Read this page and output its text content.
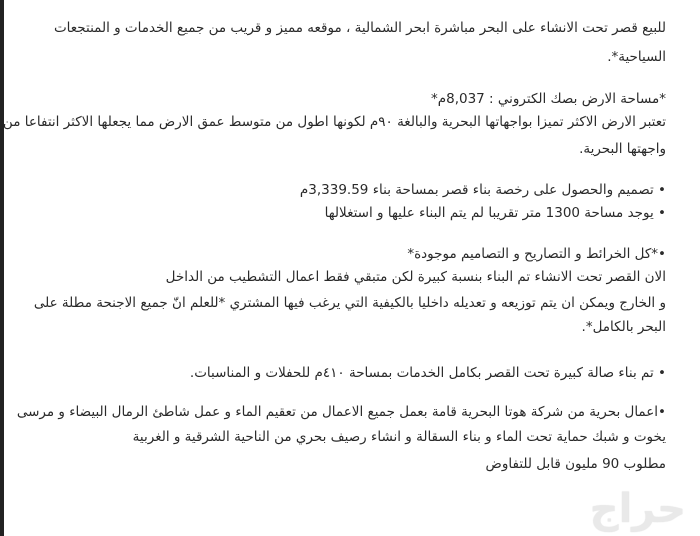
للبيع قصر تحت الانشاء على البحر مباشرة ابحر الشمالية ، موقعه مميز و قريب من جميع الخدمات و المنتجعات
السياحية*.
*مساحة الارض بصك الكتروني : 8,037م*
تعتبر الارض الاكثر تميزا بواجهاتها البحرية والبالغة ٩٠م لكونها اطول من متوسط عمق الارض مما يجعلها الاكثر انتفاعا من
واجهتها البحرية.
• تصميم والحصول على رخصة بناء قصر بمساحة بناء 3,339.59م
• يوجد مساحة 1300 متر تقريبا لم يتم البناء عليها و استغلالها
•*كل الخرائط و التصاريح و التصاميم موجودة*
الان القصر تحت الانشاء تم البناء بنسبة كبيرة لكن متبقي فقط اعمال التشطيب من الداخل
و الخارج ويمكن ان يتم توزيعه و تعديله داخليا بالكيفية التي يرغب فيها المشتري *للعلم انّ جميع الاجنحة مطلة على
البحر بالكامل*.
• تم بناء صالة كبيرة تحت القصر بكامل الخدمات بمساحة ٤١٠م للحفلات و المناسبات.
•اعمال بحرية من شركة هوتا البحرية قامة بعمل جميع الاعمال من تعقيم الماء و عمل شاطئ الرمال البيضاء و مرسى
يخوت و شبك حماية تحت الماء و بناء السقالة و انشاء رصيف بحري من الناحية الشرقية و الغربية
مطلوب 90 مليون قابل للتفاوض
حراج
